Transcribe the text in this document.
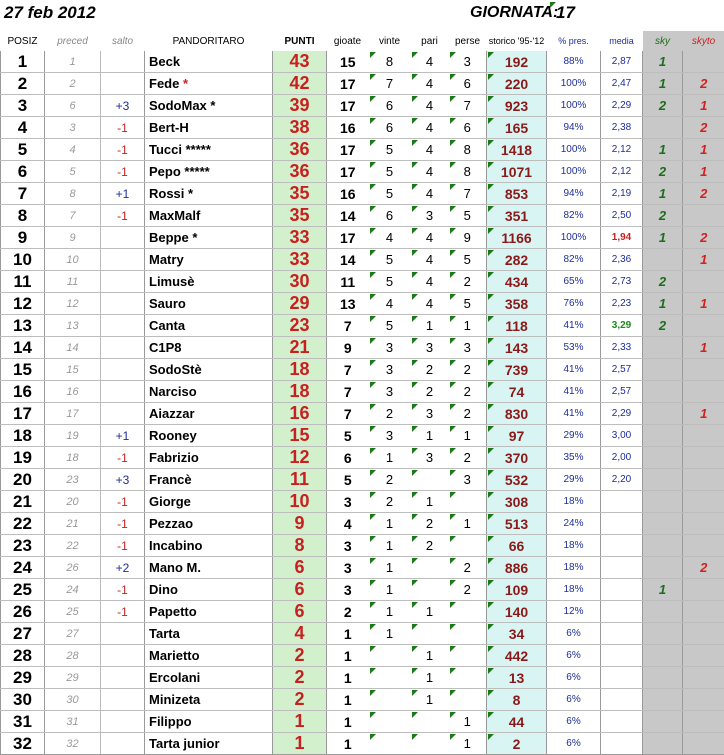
27 feb 2012	GIORNATA:
17
POSIZ	preced	salto	PANDORITARO	PUNTI	gioate	vinte	pari	perse	storico '95-'12	% pres.	media	sky	skyto
1	1		Beck	43	15	8	4	3	192	88%	2,87	1	
2	2		Fede *	42	17	7	4	6	220	100%	2,47	1	2
3	6	+3	SodoMax *	39	17	6	4	7	923	100%	2,29	2	1
4	3	-1	Bert-H	38	16	6	4	6	165	94%	2,38		2
5	4	-1	Tucci *****	36	17	5	4	8	1418	100%	2,12	1	1
6	5	-1	Pepo *****	36	17	5	4	8	1071	100%	2,12	2	1
7	8	+1	Rossi *	35	16	5	4	7	853	94%	2,19	1	2
8	7	-1	MaxMalf	35	14	6	3	5	351	82%	2,50	2	
9	9		Beppe *	33	17	4	4	9	1166	100%	1,94	1	2
10	10		Matry	33	14	5	4	5	282	82%	2,36		1
11	11		Limusè	30	11	5	4	2	434	65%	2,73	2	
12	12		Sauro	29	13	4	4	5	358	76%	2,23	1	1
13	13		Canta	23	7	5	1	1	118	41%	3,29	2	
14	14		C1P8	21	9	3	3	3	143	53%	2,33		1
15	15		SodoStè	18	7	3	2	2	739	41%	2,57		
16	16		Narciso	18	7	3	2	2	74	41%	2,57		
17	17		Aiazzar	16	7	2	3	2	830	41%	2,29		1
18	19	+1	Rooney	15	5	3	1	1	97	29%	3,00		
19	18	-1	Fabrizio	12	6	1	3	2	370	35%	2,00		
20	23	+3	Francè	11	5	2		3	532	29%	2,20		
21	20	-1	Giorge	10	3	2	1		308	18%			
22	21	-1	Pezzao	9	4	1	2	1	513	24%			
23	22	-1	Incabino	8	3	1	2		66	18%			
24	26	+2	Mano M.	6	3	1		2	886	18%			2
25	24	-1	Dino	6	3	1		2	109	18%		1	
26	25	-1	Papetto	6	2	1	1		140	12%			
27	27		Tarta	4	1	1			34	6%			
28	28		Marietto	2	1		1		442	6%			
29	29		Ercolani	2	1		1		13	6%			
30	30		Minizeta	2	1		1		8	6%			
31	31		Filippo	1	1			1	44	6%			
32	32		Tarta junior	1	1			1	2	6%			
